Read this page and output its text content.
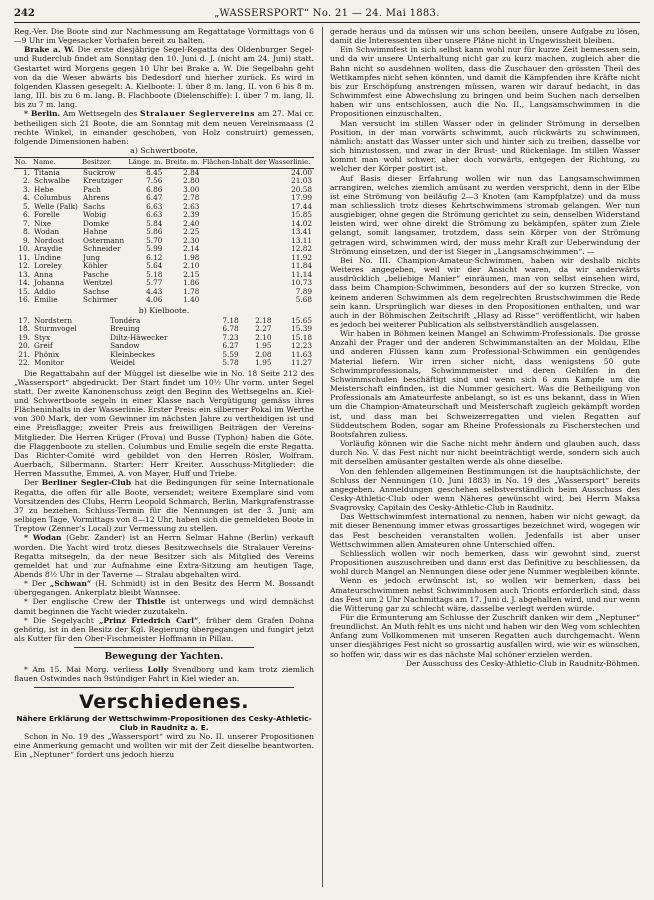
242	„WASSERSPORT“ No. 21 — 24. Mai 1883.

Reg.-Ver. Die Boote sind zur Nachmessung am Regattatage Vormittags von 6—9 Uhr im Vegesacker Vorhafen bereit zu halten.

Brake a. W. Die erste diesjährige Segel-Regatta des Oldenburger Segel- und Ruderclub findet am Sonntag den 10. Juni d. J. (nicht am 24. Juni) statt. Gestartet wird Morgens gegen 10 Uhr bei Brake a. W. Die Segelbahn geht von da die Weser abwärts bis Dedesdorf und hierher zurück. Es wird in folgenden Klassen gesegelt: A. Kielboote: I. über 8 m. lang, II. von 6 bis 8 m. lang, III. bis zu 6 m. lang. B. Flachboote (Dielenschiffe): I. über 7 m. lang, II. bis zu 7 m. lang.

* Berlin. Am Wettsegeln des Stralauer Seglervereins am 27. Mai cr. betheiligen sich 21 Boote, die am Sonntag mit dem neuen Vereinsmaass (2 rechte Winkel, in einander geschoben, von Holz construirt) gemessen, folgende Dimensionen haben:

a) Schwertboote.
No.	Name.	Besitzer.	Länge. m.	Breite. m.	Flächen-Inhalt der Wasserlinie.
1.	Titania	Suckrow	8.45	2.84	24.00
2.	Schwalbe	Kreutziger	7.56	2.80	21.03
3.	Hebe	Pach	6.86	3.00	20.58
4.	Columbus	Ahrens	6.47	2.78	17.99
5.	Welle (Falk)	Sachs	6.63	2.63	17.44
6.	Forelle	Wobig	6.63	2.39	15.85
7.	Nixe	Domke	5.84	2.40	14.02
8.	Wodan	Hahne	5.86	2.25	13.41
9.	Nordost	Ostermann	5.70	2.30	13.11
10.	Araydie	Schneider	5.99	2.14	12.82
11.	Undine	Jung	6.12	1.98	11.92
12.	Loreley	Köhler	5.64	2.10	11.84
13.	Anna	Pasche	5.18	2.15	11.14
14.	Johanna	Wentzel	5.77	1.86	10.73
15.	Addio	Sachse	4.43	1.78	7.89
16.	Emilie	Schirmer	4.06	1.40	5.68
b) Kielboote.
17.	Nordstern	Tondéra	7.18	2.18	15.65
18.	Sturmvogel	Breuing	6.78	2.27	15.39
19.	Styx	Diltz-Häwecker	7.23	2.10	15.18
20.	Greif	Sandow	6.27	1.95	12.23
21.	Phönix	Kleinbeckes	5.59	2.08	11.63
22.	Monitor	Weidel	5.78	1.95	11.27

Die Regattabahn auf der Müggel ist dieselbe wie in No. 18 Seite 212 des „Wassersport“ abgedruckt. Der Start findet um 10½ Uhr vorm. unter Segel statt. Der zweite Kanonenschuss zeigt den Beginn des Wettsegelns an. Kiel- und Schwertboote segeln in einer Klasse nach Vergütigung gemäss ihres Flächeninhalts in der Wasserlinie. Erster Preis: ein silberner Pokal im Werthe von 300 Mark, der vom Gewinner im nächsten Jahre zu vertheidigen ist und eine Preisflagge; zweiter Preis aus freiwilligen Beiträgen der Vereins-Mitglieder. Die Herren Krüger (Frova) und Busse (Typhon) haben die Göte. die Flaggenboote zu stellen. Columbus und Emilie segeln die erste Regatta. Das Richter-Comité wird gebildet von den Herren Rösler, Wolfram. Auerbach, Silbermann. Starter: Herr Kreiter. Ausschuss-Mitglieder: die Herren Massuthe, Emmei, A. von Mayer, Huff und Triebe.

Der Berliner Segler-Club hat die Bedingungen für seine Internationale Regatta, die offen für alle Boote, versendet; weitere Exemplare sind vom Vorsitzenden des Clubs, Herrn Leopold Schmarch, Berlin, Markgrafenstrasse 37 zu beziehen. Schluss-Termin für die Nennungen ist der 3. Juni; am selbigen Tage, Vormittags von 8—12 Uhr, haben sich die gemeldeten Boote in Treptow (Zenner’s Local) zur Vermessung zu stellen.

* Wodan (Gebr. Zander) ist an Herrn Selmar Hahne (Berlin) verkauft worden. Die Yacht wird trotz dieses Besitzwechsels die Stralauer Vereins-Regatta mitsegeln, da der neue Besitzer sich als Mitglied des Vereins gemeldet hat und zur Aufnahme eine Extra-Sitzung am heutigen Tage, Abends 8½ Uhr in der Taverne — Stralau abgehalten wird.

* Der „Schwan“ (H. Schmidt) ist in den Besitz des Herrn M. Bossandt übergegangen. Ankerplatz bleibt Wannsee.

* Der englische Crew der Thistle ist unterwegs und wird demnächst damit beginnen die Yacht wieder zuzutakeln.

* Die Segelyacht „Prinz Friedrich Carl“, früher dem Grafen Dohna gehörig, ist in den Besitz der Kgl. Regierung übergegangen und fungirt jetzt als Kutter für den Ober-Fischmeister Hoffmann in Pillau.

Bewegung der Yachten.

* Am 15. Mai Morg. verliess Lolly Svendborg und kam trotz ziemlich flauen Ostwindes nach 9stündiger Fahrt in Kiel wieder an.

Verschiedenes.
Nähere Erklärung der Wettschwimm-Propositionen des Cesky-Athletic-Club in Raudnitz a. E.

Schon in No. 19 des „Wassersport“ wird zu No. II. unserer Propositionen eine Anmerkung gemacht und wollten wir mit der Zeit dieselbe beantworten. Ein „Neptuner“ fordert uns jedoch hierzu

gerade heraus und da müssen wir uns schon beeilen, unsere Aufgabe zu lösen, damit die Interessenten über unsere Pläne nicht in Ungewissheit bleiben.

Ein Schwimmfest in sich selbst kann wohl nur für kurze Zeit bemessen sein, und da wir unsere Unterhaltung nicht gar zu kurz machen, zugleich aber die Bahn nicht so ausdehnen wollten, dass die Zuschauer den grössten Theil des Wettkampfes nicht sehen könnten, und damit die Kämpfenden ihre Kräfte nicht bis zur Erschöpfung anstrengen müssen, waren wir darauf bedacht, in das Schwimmfest eine Abwechslung zu bringen und beim Suchen nach derselben haben wir uns entschlossen, auch die No. II., Langsamschwimmen in die Propositionen einzuschalten.

Man versucht im stillen Wasser oder in gelinder Strömung in derselben Position, in der man vorwärts schwimmt, auch rückwärts zu schwimmen, nämlich: anstatt das Wasser unter sich und hinter sich zu treiben, dasselbe vor sich hinzustossen, und zwar in der Brust- und Rückenlage. Im stillen Wasser kommt man wohl schwer, aber doch vorwärts, entgegen der Richtung, zu welcher der Körper postirt ist.

Auf Basis dieser Erfahrung wollen wir nun das Langsamschwimmen arrangiren, welches ziemlich amüsant zu werden verspricht, denn in der Elbe ist eine Strömung von beiläufig 2—3 Knoten (am Kampfplatze) und da muss man schliesslich trotz dieses Kehrtschwimmens stromab gelangen. Wer nun ausgiebiger, ohne gegen die Strömung gerichtet zu sein, denselben Widerstand leisten wird, wer ohne direkt die Strömung zu bekämpfen, später zum Ziele gelangt, somit langsamer, trotzdem, dass sein Körper von der Strömung getragen wird, schwimmen wird, der muss mehr Kraft zur Ueberwindung der Strömung einsetzen, und der ist Sieger in „Langsamschwimmen“. —

Bei No. III. Champion-Amateur-Schwimmen, haben wir deshalb nichts Weiteres angegeben, weil wir der Ansicht waren, da wir anderwärts ausdrücklich „beliebige Manier“ einräumen, man von selbst einsehen wird, dass beim Champion-Schwimmen, besonders auf der so kurzen Strecke, von keinem anderen Schwimmen als dem regelrechten Brustschwimmen die Rede sein kann. Ursprünglich war dieses in den Propositionen enthalten, und war auch in der Böhmischen Zeitschrift „Hlasy ad Risse“ veröffentlicht, wir haben es jedoch bei weiterer Publication als selbstverständlich ausgelassen.

Wir haben in Böhmen keinen Mangel an Schwimm-Professionals. Die grosse Anzahl der Prager und der anderen Schwimmanstalten an der Moldau, Elbe und anderen Flüssen kann zum Professional-Schwimmen ein genügendes Material liefern. Wir irren sicher nicht, dass wenigstens 50 gute Schwimmprofessionals, Schwimmmeister und deren Gehilfen in den Schwimmschulen beschäftigt sind und wenn sich 6 zum Kampfe um die Meisterschaft einfinden, ist die Nummer gesichert. Was die Betheiligung von Professionals am Amateurfeste anbelangt, so ist es uns bekannt, dass in Wien um die Champion-Amateurschaft und Meisterschaft zugleich gekämpft worden ist, und dass man bei Schweizerregatten und vielen Regatten auf Süddeutschem Boden, sogar am Rheine Professionals zu Fischerstechen und Bootsfahren zuliess.

Vorläufig können wir die Sache nicht mehr ändern und glauben auch, dass durch No. V. das Fest nicht nur nicht beeinträchtigt werde, sondern sich auch mit derselben amüsanter gestalten werde als ohne dieselbe.

Von den fehlenden allgemeinen Bestimmungen ist die hauptsächlichste, der Schluss der Nennungen (10. Juni 1883) in No. 19 des „Wassersport“ bereits angegeben. Anmeldungen geschehen selbstverständlich beim Ausschuss des Cesky-Athletic-Club oder wenn Näheres gewünscht wird, bei Herrn Maksa Svagrovsky, Capitain des Cesky-Athletic-Club in Raudnitz.

Das Wettschwimmfest international zu nennen, haben wir nicht gewagt, da mit dieser Benennung immer etwas grossartiges bezeichnet wird, wogegen wir das Fest bescheiden veranstalten wollen. Jedenfalls ist aber unser Wettschwimmen allen Amateuren ohne Unterschied offen.

Schliesslich wollen wir noch bemerken, dass wir gewohnt sind, zuerst Propositionen auszuschreiben und dann erst das Definitive zu beschliessen, da wohl durch Mangel an Nennungen diese oder jene Nummer wegbleiben könnte.

Wenn es jedoch erwünscht ist, so wollen wir bemerken, dass bei Amateurschwimmen nebst Schwimmhosen auch Tricots erforderlich sind, dass das Fest um 2 Uhr Nachmittags am 17. Juni d. J. abgehalten wird, und nur wenn die Witterung gar zu schlecht wäre, dasselbe verlegt werden würde.

Für die Ermunterung am Schlusse der Zuschrift danken wir dem „Neptuner“ freundlichst. An Muth fehlt es uns nicht und haben wir den Weg vom schlechten Anfang zum Vollkommenen mit unseren Regatten auch durchgemacht. Wenn unser diesjähriges Fest nicht so grossartig ausfallen wird, wie wir es wünschen, so hoffen wir, dass wir es das nächste Mal schöner erzielen werden.

Der Ausschuss des Cesky-Athletic-Club in Raudnitz-Böhmen.
